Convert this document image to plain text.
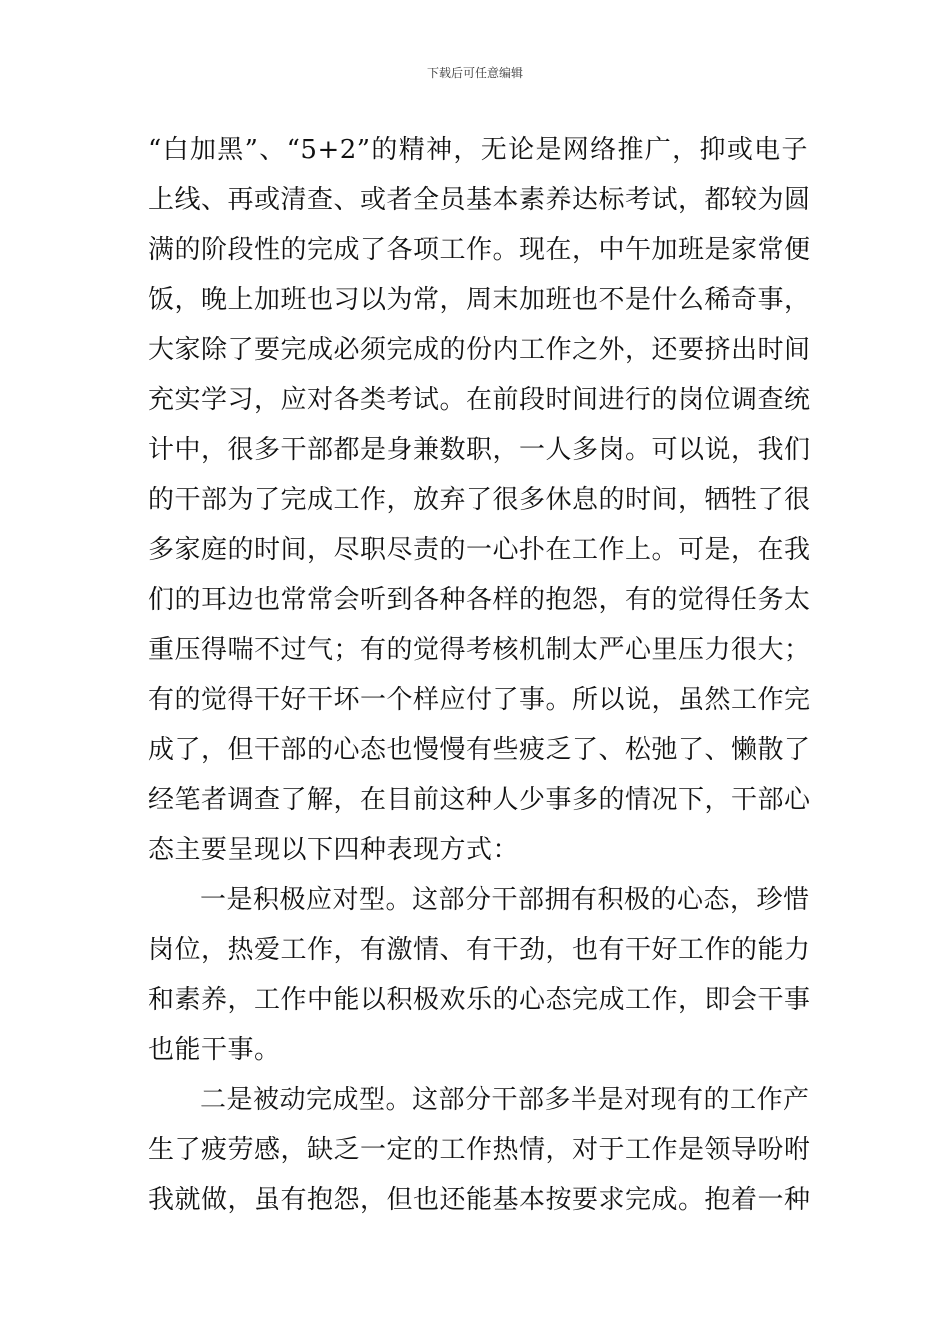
下载后可任意编辑
“白加黑”、“5+2”的精神，无论是网络推广，抑或电子
上线、再或清查、或者全员基本素养达标考试，都较为圆
满的阶段性的完成了各项工作。现在，中午加班是家常便
饭，晚上加班也习以为常，周末加班也不是什么稀奇事，
大家除了要完成必须完成的份内工作之外，还要挤出时间
充实学习，应对各类考试。在前段时间进行的岗位调查统
计中，很多干部都是身兼数职，一人多岗。可以说，我们
的干部为了完成工作，放弃了很多休息的时间，牺牲了很
多家庭的时间，尽职尽责的一心扑在工作上。可是，在我
们的耳边也常常会听到各种各样的抱怨，有的觉得任务太
重压得喘不过气；有的觉得考核机制太严心里压力很大；
有的觉得干好干坏一个样应付了事。所以说，虽然工作完
成了，但干部的心态也慢慢有些疲乏了、松弛了、懒散了
经笔者调查了解，在目前这种人少事多的情况下，干部心
态主要呈现以下四种表现方式：
一是积极应对型。这部分干部拥有积极的心态，珍惜
岗位，热爱工作，有激情、有干劲，也有干好工作的能力
和素养，工作中能以积极欢乐的心态完成工作，即会干事
也能干事。
二是被动完成型。这部分干部多半是对现有的工作产
生了疲劳感，缺乏一定的工作热情，对于工作是领导吩咐
我就做，虽有抱怨，但也还能基本按要求完成。抱着一种
